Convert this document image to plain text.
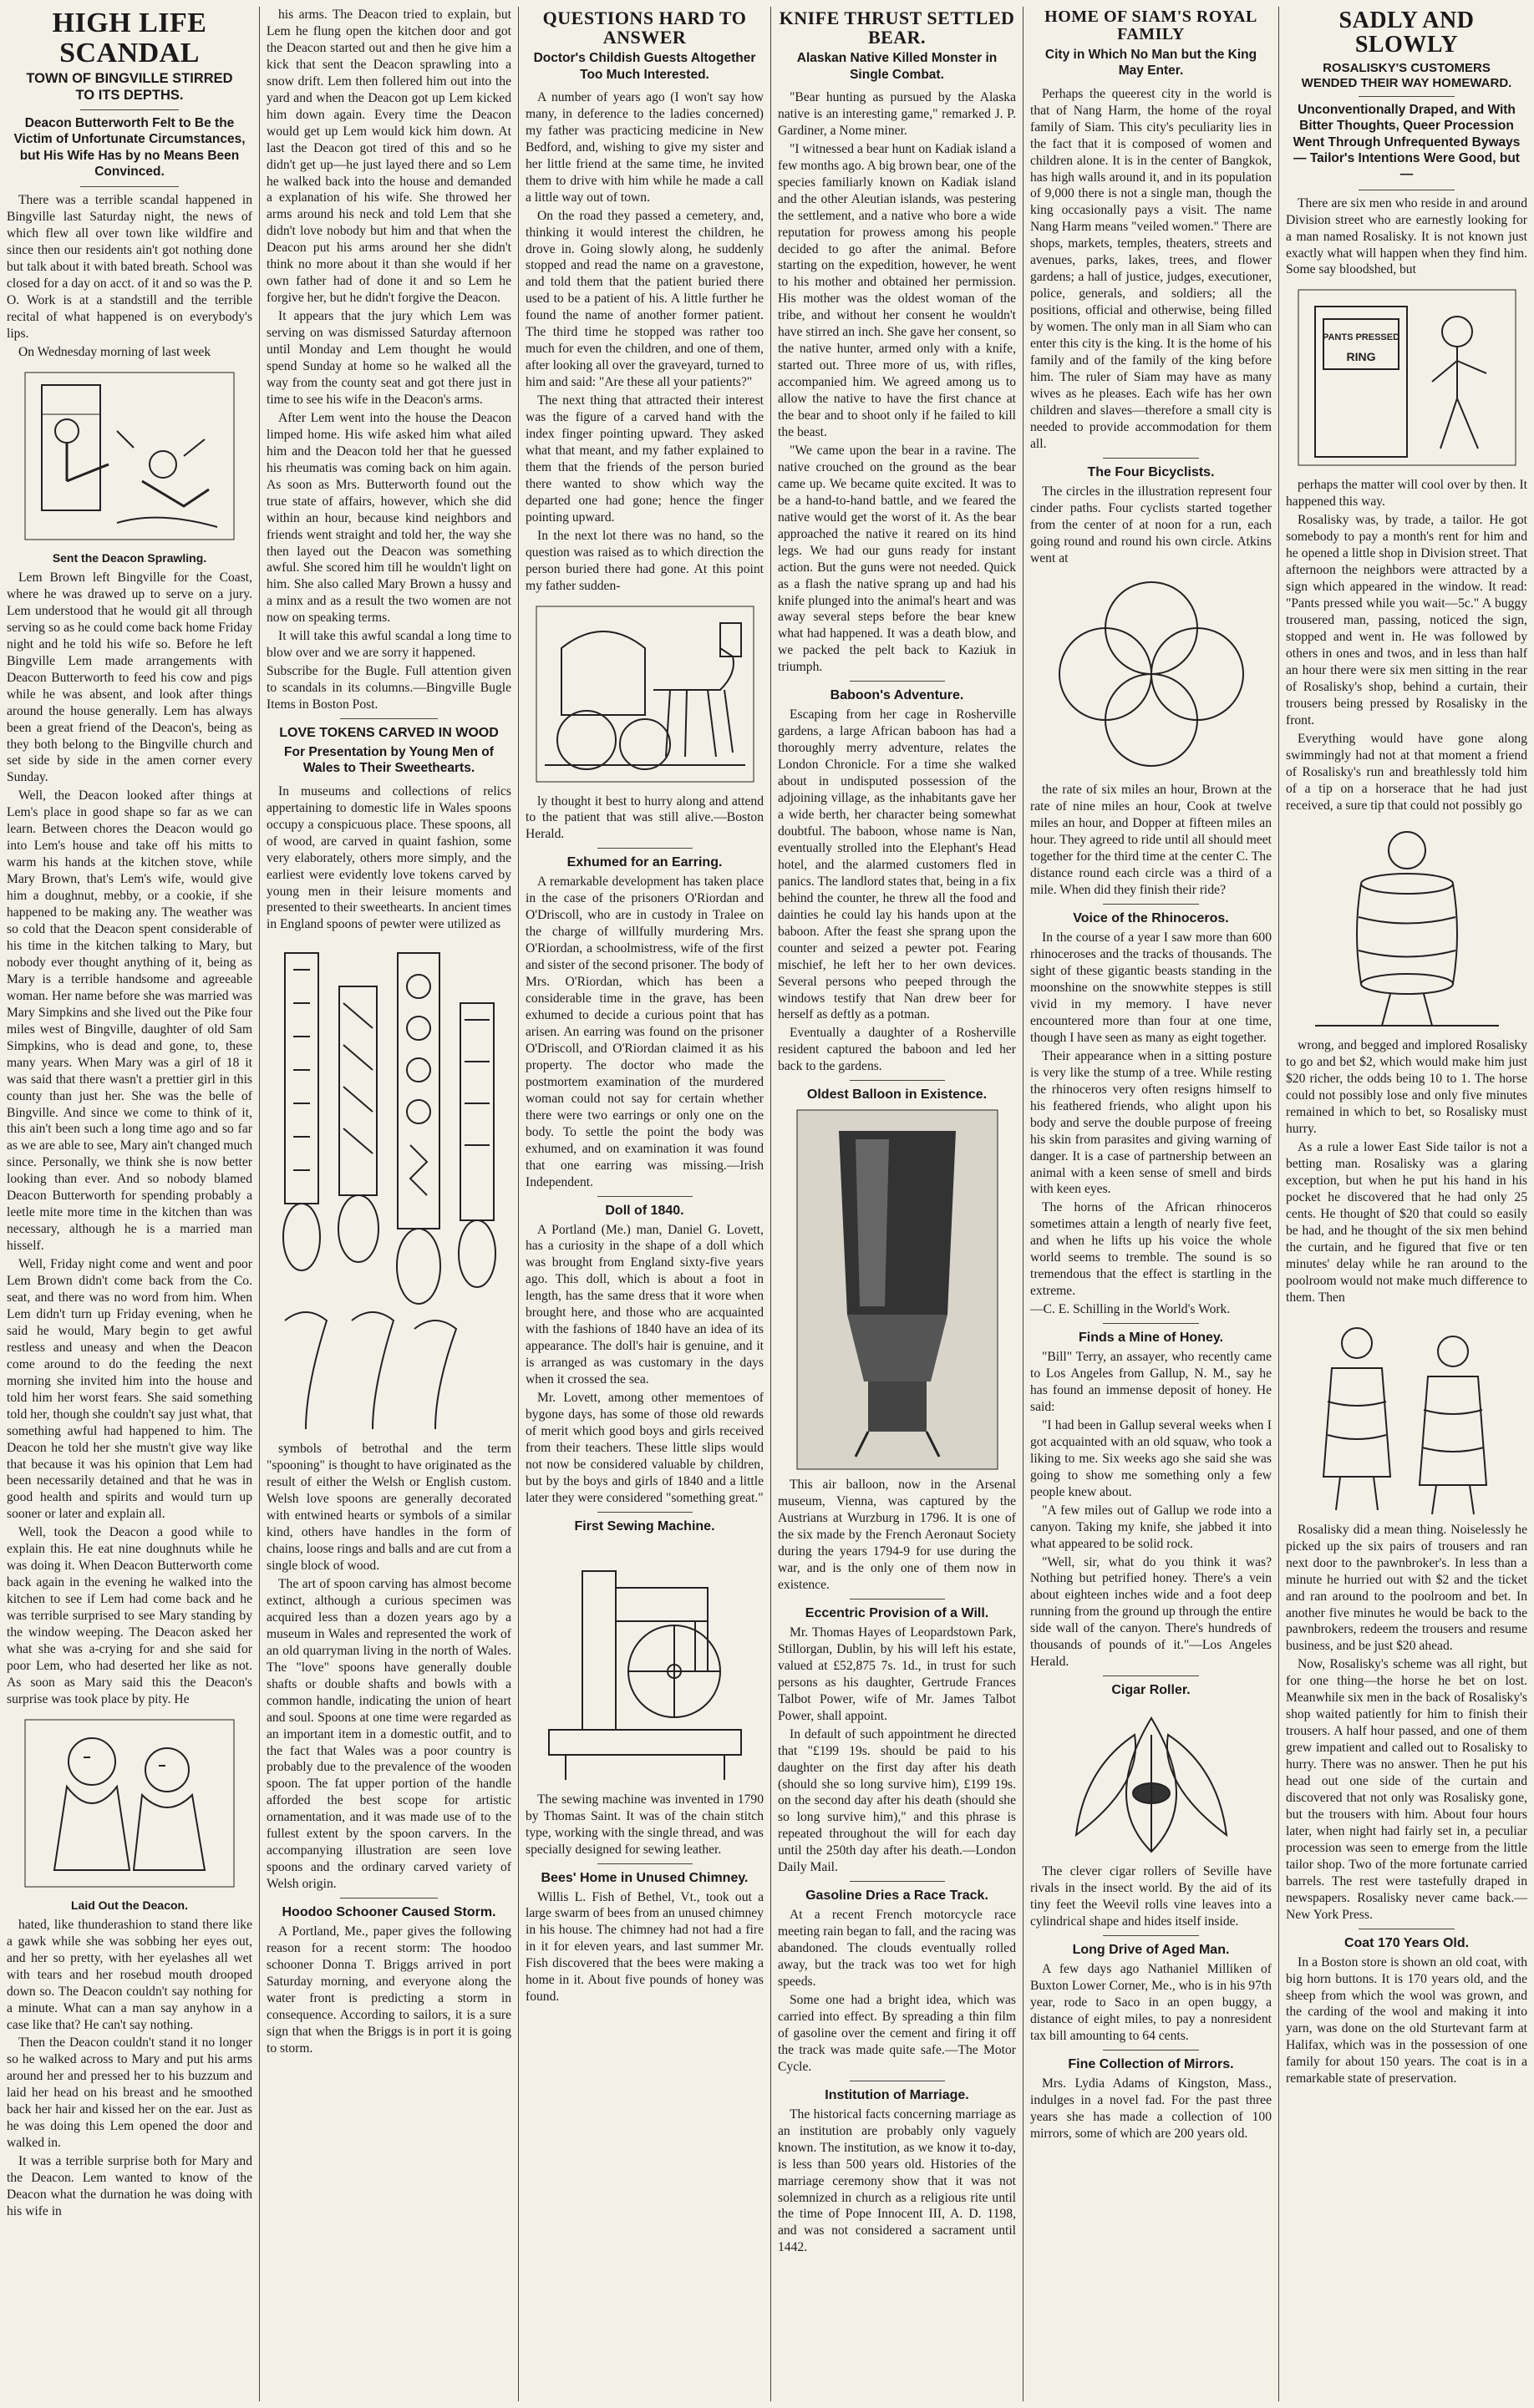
HIGH LIFE SCANDAL
TOWN OF BINGVILLE STIRRED TO ITS DEPTHS.
Deacon Butterworth Felt to Be the Victim of Unfortunate Circumstances, but His Wife Has by no Means Been Convinced.

There was a terrible scandal happened in Bingville last Saturday night, the news of which flew all over town like wildfire and since then our residents ain't got nothing done but talk about it with bated breath. School was closed for a day on acct. of it and so was the P. O. Work is at a standstill and the terrible recital of what happened is on everybody's lips.

On Wednesday morning of last week

Sent the Deacon Sprawling.

Lem Brown left Bingville for the Coast, where he was drawed up to serve on a jury. Lem understood that he would git all through serving so as he could come back home Friday night and he told his wife so. Before he left Bingville Lem made arrangements with Deacon Butterworth to feed his cow and pigs while he was absent, and look after things around the house generally. Lem has always been a great friend of the Deacon's, being as they both belong to the Bingville church and set side by side in the amen corner every Sunday.

Well, the Deacon looked after things at Lem's place in good shape so far as we can learn. Between chores the Deacon would go into Lem's house and take off his mitts to warm his hands at the kitchen stove, while Mary Brown, that's Lem's wife, would give him a doughnut, mebby, or a cookie, if she happened to be making any. The weather was so cold that the Deacon spent considerable of his time in the kitchen talking to Mary, but nobody ever thought anything of it, being as Mary is a terrible handsome and agreeable woman. Her name before she was married was Mary Simpkins and she lived out the Pike four miles west of Bingville, daughter of old Sam Simpkins, who is dead and gone, to, these many years. When Mary was a girl of 18 it was said that there wasn't a prettier girl in this county than just her. She was the belle of Bingville. And since we come to think of it, this ain't been such a long time ago and so far as we are able to see, Mary ain't changed much since. Personally, we think she is now better looking than ever. And so nobody blamed Deacon Butterworth for spending probably a leetle mite more time in the kitchen than was necessary, although he is a married man hisself.

Well, Friday night come and went and poor Lem Brown didn't come back from the Co. seat, and there was no word from him. When Lem didn't turn up Friday evening, when he said he would, Mary begin to get awful restless and uneasy and when the Deacon come around to do the feeding the next morning she invited him into the house and told him her worst fears. She said something told her, though she couldn't say just what, that something awful had happened to him. The Deacon he told her she mustn't give way like that because it was his opinion that Lem had been necessarily detained and that he was in good health and spirits and would turn up sooner or later and explain all.

Well, took the Deacon a good while to explain this. He eat nine doughnuts while he was doing it. When Deacon Butterworth come back again in the evening he walked into the kitchen to see if Lem had come back and he was terrible surprised to see Mary standing by the window weeping. The Deacon asked her what she was a-crying for and she said for poor Lem, who had deserted her like as not. As soon as Mary said this the Deacon's surprise was took place by pity. He

Laid Out the Deacon.

hated, like thunderashion to stand there like a gawk while she was sobbing her eyes out, and her so pretty, with her eyelashes all wet with tears and her rosebud mouth drooped down so. The Deacon couldn't say nothing for a minute. What can a man say anyhow in a case like that? He can't say nothing.

Then the Deacon couldn't stand it no longer so he walked across to Mary and put his arms around her and pressed her to his buzzum and laid her head on his breast and he smoothed back her hair and kissed her on the ear. Just as he was doing this Lem opened the door and walked in.

It was a terrible surprise both for Mary and the Deacon. Lem wanted to know of the Deacon what the durnation he was doing with his wife in

his arms. The Deacon tried to explain, but Lem he flung open the kitchen door and got the Deacon started out and then he give him a kick that sent the Deacon sprawling into a snow drift. Lem then follered him out into the yard and when the Deacon got up Lem kicked him down again. Every time the Deacon would get up Lem would kick him down. At last the Deacon got tired of this and so he didn't get up—he just layed there and so Lem he walked back into the house and demanded a explanation of his wife. She throwed her arms around his neck and told Lem that she didn't love nobody but him and that when the Deacon put his arms around her she didn't think no more about it than she would if her own father had of done it and so Lem he forgive her, but he didn't forgive the Deacon.

It appears that the jury which Lem was serving on was dismissed Saturday afternoon until Monday and Lem thought he would spend Sunday at home so he walked all the way from the county seat and got there just in time to see his wife in the Deacon's arms.

After Lem went into the house the Deacon limped home. His wife asked him what ailed him and the Deacon told her that he guessed his rheumatis was coming back on him again. As soon as Mrs. Butterworth found out the true state of affairs, however, which she did within an hour, because kind neighbors and friends went straight and told her, the way she then layed out the Deacon was something awful. She scored him till he wouldn't light on him. She also called Mary Brown a hussy and a minx and as a result the two women are not now on speaking terms.

It will take this awful scandal a long time to blow over and we are sorry it happened.

Subscribe for the Bugle. Full attention given to scandals in its columns.—Bingville Bugle Items in Boston Post.

LOVE TOKENS CARVED IN WOOD
For Presentation by Young Men of Wales to Their Sweethearts.

In museums and collections of relics appertaining to domestic life in Wales spoons occupy a conspicuous place. These spoons, all of wood, are carved in quaint fashion, some very elaborately, others more simply, and the earliest were evidently love tokens carved by young men in their leisure moments and presented to their sweethearts. In ancient times in England spoons of pewter were utilized as

symbols of betrothal and the term "spooning" is thought to have originated as the result of either the Welsh or English custom. Welsh love spoons are generally decorated with entwined hearts or symbols of a similar kind, others have handles in the form of chains, loose rings and balls and are cut from a single block of wood.

The art of spoon carving has almost become extinct, although a curious specimen was acquired less than a dozen years ago by a museum in Wales and represented the work of an old quarryman living in the north of Wales. The "love" spoons have generally double shafts or double shafts and bowls with a common handle, indicating the union of heart and soul. Spoons at one time were regarded as an important item in a domestic outfit, and to the fact that Wales was a poor country is probably due to the prevalence of the wooden spoon. The fat upper portion of the handle afforded the best scope for artistic ornamentation, and it was made use of to the fullest extent by the spoon carvers. In the accompanying illustration are seen love spoons and the ordinary carved variety of Welsh origin.

Hoodoo Schooner Caused Storm.

A Portland, Me., paper gives the following reason for a recent storm: The hoodoo schooner Donna T. Briggs arrived in port Saturday morning, and everyone along the water front is predicting a storm in consequence. According to sailors, it is a sure sign that when the Briggs is in port it is going to storm.

QUESTIONS HARD TO ANSWER
Doctor's Childish Guests Altogether Too Much Interested.

A number of years ago (I won't say how many, in deference to the ladies concerned) my father was practicing medicine in New Bedford, and, wishing to give my sister and her little friend at the same time, he invited them to drive with him while he made a call a little way out of town.

On the road they passed a cemetery, and, thinking it would interest the children, he drove in. Going slowly along, he suddenly stopped and read the name on a gravestone, and told them that the patient buried there used to be a patient of his. A little further he found the name of another former patient. The third time he stopped was rather too much for even the children, and one of them, after looking all over the graveyard, turned to him and said: "Are these all your patients?"

The next thing that attracted their interest was the figure of a carved hand with the index finger pointing upward. They asked what that meant, and my father explained to them that the friends of the person buried there wanted to show which way the departed one had gone; hence the finger pointing upward.

In the next lot there was no hand, so the question was raised as to which direction the person buried there had gone. At this point my father sudden-

ly thought it best to hurry along and attend to the patient that was still alive.—Boston Herald.

Exhumed for an Earring.

A remarkable development has taken place in the case of the prisoners O'Riordan and O'Driscoll, who are in custody in Tralee on the charge of willfully murdering Mrs. O'Riordan, a schoolmistress, wife of the first and sister of the second prisoner. The body of Mrs. O'Riordan, which has been a considerable time in the grave, has been exhumed to decide a curious point that has arisen. An earring was found on the prisoner O'Driscoll, and O'Riordan claimed it as his property. The doctor who made the postmortem examination of the murdered woman could not say for certain whether there were two earrings or only one on the body. To settle the point the body was exhumed, and on examination it was found that one earring was missing.—Irish Independent.

Doll of 1840.

A Portland (Me.) man, Daniel G. Lovett, has a curiosity in the shape of a doll which was brought from England sixty-five years ago. This doll, which is about a foot in length, has the same dress that it wore when brought here, and those who are acquainted with the fashions of 1840 have an idea of its appearance. The doll's hair is genuine, and it is arranged as was customary in the days when it crossed the sea.

Mr. Lovett, among other mementoes of bygone days, has some of those old rewards of merit which good boys and girls received from their teachers. These little slips would not now be considered valuable by children, but by the boys and girls of 1840 and a little later they were considered "something great."

First Sewing Machine.

The sewing machine was invented in 1790 by Thomas Saint. It was of the chain stitch type, working with the single thread, and was specially designed for sewing leather.

Bees' Home in Unused Chimney.

Willis L. Fish of Bethel, Vt., took out a large swarm of bees from an unused chimney in his house. The chimney had not had a fire in it for eleven years, and last summer Mr. Fish discovered that the bees were making a home in it. About five pounds of honey was found.

KNIFE THRUST SETTLED BEAR.
Alaskan Native Killed Monster in Single Combat.

"Bear hunting as pursued by the Alaska native is an interesting game," remarked J. P. Gardiner, a Nome miner.

"I witnessed a bear hunt on Kadiak island a few months ago. A big brown bear, one of the species familiarly known on Kadiak island and the other Aleutian islands, was pestering the settlement, and a native who bore a wide reputation for prowess among his people decided to go after the animal. Before starting on the expedition, however, he went to his mother and obtained her permission. His mother was the oldest woman of the tribe, and without her consent he wouldn't have stirred an inch. She gave her consent, so the native hunter, armed only with a knife, started out. Three more of us, with rifles, accompanied him. We agreed among us to allow the native to have the first chance at the bear and to shoot only if he failed to kill the beast.

"We came upon the bear in a ravine. The native crouched on the ground as the bear came up. We became quite excited. It was to be a hand-to-hand battle, and we feared the native would get the worst of it. As the bear approached the native it reared on its hind legs. We had our guns ready for instant action. But the guns were not needed. Quick as a flash the native sprang up and had his knife plunged into the animal's heart and was away several steps before the bear knew what had happened. It was a death blow, and we packed the pelt back to Kaziuk in triumph.

Baboon's Adventure.

Escaping from her cage in Rosherville gardens, a large African baboon has had a thoroughly merry adventure, relates the London Chronicle. For a time she walked about in undisputed possession of the adjoining village, as the inhabitants gave her a wide berth, her character being somewhat doubtful. The baboon, whose name is Nan, eventually strolled into the Elephant's Head hotel, and the alarmed customers fled in panics. The landlord states that, being in a fix behind the counter, he threw all the food and dainties he could lay his hands upon at the baboon. After the feast she sprang upon the counter and seized a pewter pot. Fearing mischief, he left her to her own devices. Several persons who peeped through the windows testify that Nan drew beer for herself as deftly as a potman.

Eventually a daughter of a Rosherville resident captured the baboon and led her back to the gardens.

Oldest Balloon in Existence.

This air balloon, now in the Arsenal museum, Vienna, was captured by the Austrians at Wurzburg in 1796. It is one of the six made by the French Aeronaut Society during the years 1794-9 for use during the war, and is the only one of them now in existence.

Eccentric Provision of a Will.

Mr. Thomas Hayes of Leopardstown Park, Stillorgan, Dublin, by his will left his estate, valued at £52,875 7s. 1d., in trust for such persons as his daughter, Gertrude Frances Talbot Power, wife of Mr. James Talbot Power, shall appoint.

In default of such appointment he directed that "£199 19s. should be paid to his daughter on the first day after his death (should she so long survive him), £199 19s. on the second day after his death (should she so long survive him)," and this phrase is repeated throughout the will for each day until the 250th day after his death.—London Daily Mail.

Gasoline Dries a Race Track.

At a recent French motorcycle race meeting rain began to fall, and the racing was abandoned. The clouds eventually rolled away, but the track was too wet for high speeds.

Some one had a bright idea, which was carried into effect. By spreading a thin film of gasoline over the cement and firing it off the track was made quite safe.—The Motor Cycle.

Institution of Marriage.

The historical facts concerning marriage as an institution are probably only vaguely known. The institution, as we know it to-day, is less than 500 years old. Histories of the marriage ceremony show that it was not solemnized in church as a religious rite until the time of Pope Innocent III, A. D. 1198, and was not considered a sacrament until 1442.

HOME OF SIAM'S ROYAL FAMILY
City in Which No Man but the King May Enter.

Perhaps the queerest city in the world is that of Nang Harm, the home of the royal family of Siam. This city's peculiarity lies in the fact that it is composed of women and children alone. It is in the center of Bangkok, has high walls around it, and in its population of 9,000 there is not a single man, though the king occasionally pays a visit. The name Nang Harm means "veiled women." There are shops, markets, temples, theaters, streets and avenues, parks, lakes, trees, and flower gardens; a hall of justice, judges, executioner, police, generals, and soldiers; all the positions, official and otherwise, being filled by women. The only man in all Siam who can enter this city is the king. It is the home of his family and of the family of the king before him. The ruler of Siam may have as many wives as he pleases. Each wife has her own children and slaves—therefore a small city is needed to provide accommodation for them all.

The Four Bicyclists.

The circles in the illustration represent four cinder paths. Four cyclists started together from the center of at noon for a run, each going round and round his own circle. Atkins went at

the rate of six miles an hour, Brown at the rate of nine miles an hour, Cook at twelve miles an hour, and Dopper at fifteen miles an hour. They agreed to ride until all should meet together for the third time at the center C. The distance round each circle was a third of a mile. When did they finish their ride?

Voice of the Rhinoceros.

In the course of a year I saw more than 600 rhinoceroses and the tracks of thousands. The sight of these gigantic beasts standing in the moonshine on the snowwhite steppes is still vivid in my memory. I have never encountered more than four at one time, though I have seen as many as eight together.

Their appearance when in a sitting posture is very like the stump of a tree. While resting the rhinoceros very often resigns himself to his feathered friends, who alight upon his body and serve the double purpose of freeing his skin from parasites and giving warning of danger. It is a case of partnership between an animal with a keen sense of smell and birds with keen eyes.

The horns of the African rhinoceros sometimes attain a length of nearly five feet, and when he lifts up his voice the whole world seems to tremble. The sound is so tremendous that the effect is startling in the extreme.

—C. E. Schilling in the World's Work.

Finds a Mine of Honey.

"Bill" Terry, an assayer, who recently came to Los Angeles from Gallup, N. M., say he has found an immense deposit of honey. He said:

"I had been in Gallup several weeks when I got acquainted with an old squaw, who took a liking to me. Six weeks ago she said she was going to show me something only a few people knew about.

"A few miles out of Gallup we rode into a canyon. Taking my knife, she jabbed it into what appeared to be solid rock.

"Well, sir, what do you think it was? Nothing but petrified honey. There's a vein about eighteen inches wide and a foot deep running from the ground up through the entire side wall of the canyon. There's hundreds of thousands of pounds of it."—Los Angeles Herald.

Cigar Roller.

The clever cigar rollers of Seville have rivals in the insect world. By the aid of its tiny feet the Weevil rolls vine leaves into a cylindrical shape and hides itself inside.

Long Drive of Aged Man.

A few days ago Nathaniel Milliken of Buxton Lower Corner, Me., who is in his 97th year, rode to Saco in an open buggy, a distance of eight miles, to pay a nonresident tax bill amounting to 64 cents.

Fine Collection of Mirrors.

Mrs. Lydia Adams of Kingston, Mass., indulges in a novel fad. For the past three years she has made a collection of 100 mirrors, some of which are 200 years old.

SADLY AND SLOWLY
ROSALISKY'S CUSTOMERS WENDED THEIR WAY HOMEWARD.
Unconventionally Draped, and With Bitter Thoughts, Queer Procession Went Through Unfrequented Byways — Tailor's Intentions Were Good, but—

There are six men who reside in and around Division street who are earnestly looking for a man named Rosalisky. It is not known just exactly what will happen when they find him. Some say bloodshed, but

PANTS PRESSED
RING

perhaps the matter will cool over by then. It happened this way.

Rosalisky was, by trade, a tailor. He got somebody to pay a month's rent for him and he opened a little shop in Division street. That afternoon the neighbors were attracted by a sign which appeared in the window. It read: "Pants pressed while you wait—5c." A buggy trousered man, passing, noticed the sign, stopped and went in. He was followed by others in ones and twos, and in less than half an hour there were six men sitting in the rear of Rosalisky's shop, behind a curtain, their trousers being pressed by Rosalisky in the front.

Everything would have gone along swimmingly had not at that moment a friend of Rosalisky's run and breathlessly told him of a tip on a horserace that he had just received, a sure tip that could not possibly go

wrong, and begged and implored Rosalisky to go and bet $2, which would make him just $20 richer, the odds being 10 to 1. The horse could not possibly lose and only five minutes remained in which to bet, so Rosalisky must hurry.

As a rule a lower East Side tailor is not a betting man. Rosalisky was a glaring exception, but when he put his hand in his pocket he discovered that he had only 25 cents. He thought of $20 that could so easily be had, and he thought of the six men behind the curtain, and he figured that five or ten minutes' delay while he ran around to the poolroom would not make much difference to them. Then

Rosalisky did a mean thing. Noiselessly he picked up the six pairs of trousers and ran next door to the pawnbroker's. In less than a minute he hurried out with $2 and the ticket and ran around to the poolroom and bet. In another five minutes he would be back to the pawnbrokers, redeem the trousers and resume business, and be just $20 ahead.

Now, Rosalisky's scheme was all right, but for one thing—the horse he bet on lost. Meanwhile six men in the back of Rosalisky's shop waited patiently for him to finish their trousers. A half hour passed, and one of them grew impatient and called out to Rosalisky to hurry. There was no answer. Then he put his head out one side of the curtain and discovered that not only was Rosalisky gone, but the trousers with him. About four hours later, when night had fairly set in, a peculiar procession was seen to emerge from the little tailor shop. Two of the more fortunate carried barrels. The rest were tastefully draped in newspapers. Rosalisky never came back.—New York Press.

Coat 170 Years Old.

In a Boston store is shown an old coat, with big horn buttons. It is 170 years old, and the sheep from which the wool was grown, and the carding of the wool and making it into yarn, was done on the old Sturtevant farm at Halifax, which was in the possession of one family for about 150 years. The coat is in a remarkable state of preservation.
